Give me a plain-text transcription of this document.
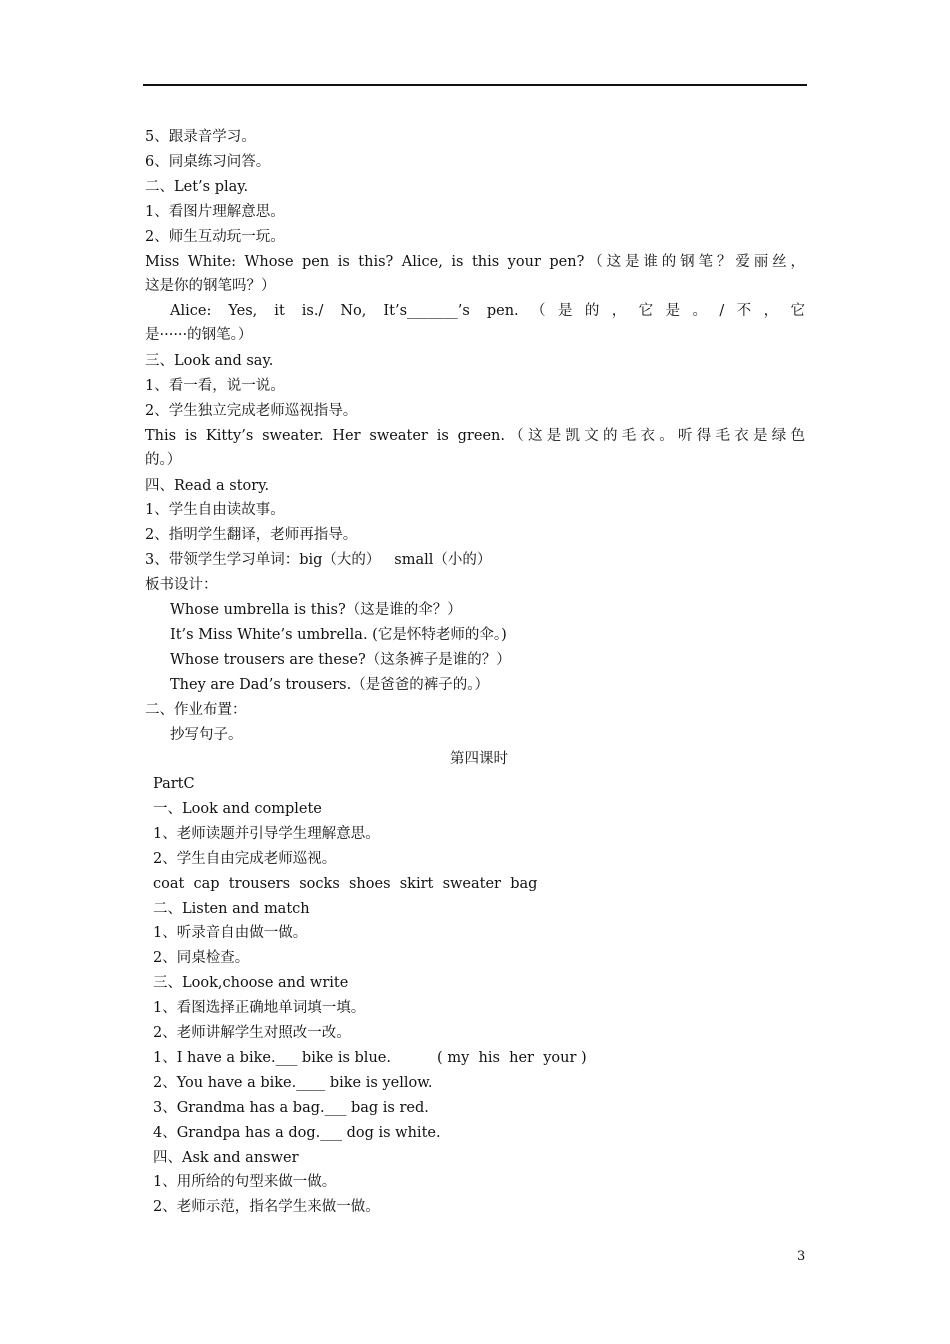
5、跟录音学习。
6、同桌练习问答。
二、Let’s play.
1、看图片理解意思。
2、师生互动玩一玩。
Miss White: Whose pen is this? Alice, is this your pen?（这是谁的钢笔？爱丽丝，
这是你的钢笔吗？）
Alice: Yes, it is./ No, It’s_______’s pen.（是的，它是。/不，它
是······的钢笔。）
三、Look and say.
1、看一看，说一说。
2、学生独立完成老师巡视指导。
This is Kitty’s sweater. Her sweater is green.（这是凯文的毛衣。听得毛衣是绿色
的。）
四、Read a story.
1、学生自由读故事。
2、指明学生翻译，老师再指导。
3、带领学生学习单词：big（大的）   small（小的）
板书设计：
Whose umbrella is this?（这是谁的伞？）
It’s Miss White’s umbrella. (它是怀特老师的伞。)
Whose trousers are these?（这条裤子是谁的？）
They are Dad’s trousers.（是爸爸的裤子的。）
二、作业布置：
抄写句子。
第四课时
PartC
一、Look and complete
1、老师读题并引导学生理解意思。
2、学生自由完成老师巡视。
coat  cap  trousers  socks  shoes  skirt  sweater  bag
二、Listen and match
1、听录音自由做一做。
2、同桌检查。
三、Look,choose and write
1、看图选择正确地单词填一填。
2、老师讲解学生对照改一改。
1、I have a bike.___ bike is blue.          ( my  his  her  your )
2、You have a bike.____ bike is yellow.
3、Grandma has a bag.___ bag is red.
4、Grandpa has a dog.___ dog is white.
四、Ask and answer
1、用所给的句型来做一做。
2、老师示范，指名学生来做一做。
3
